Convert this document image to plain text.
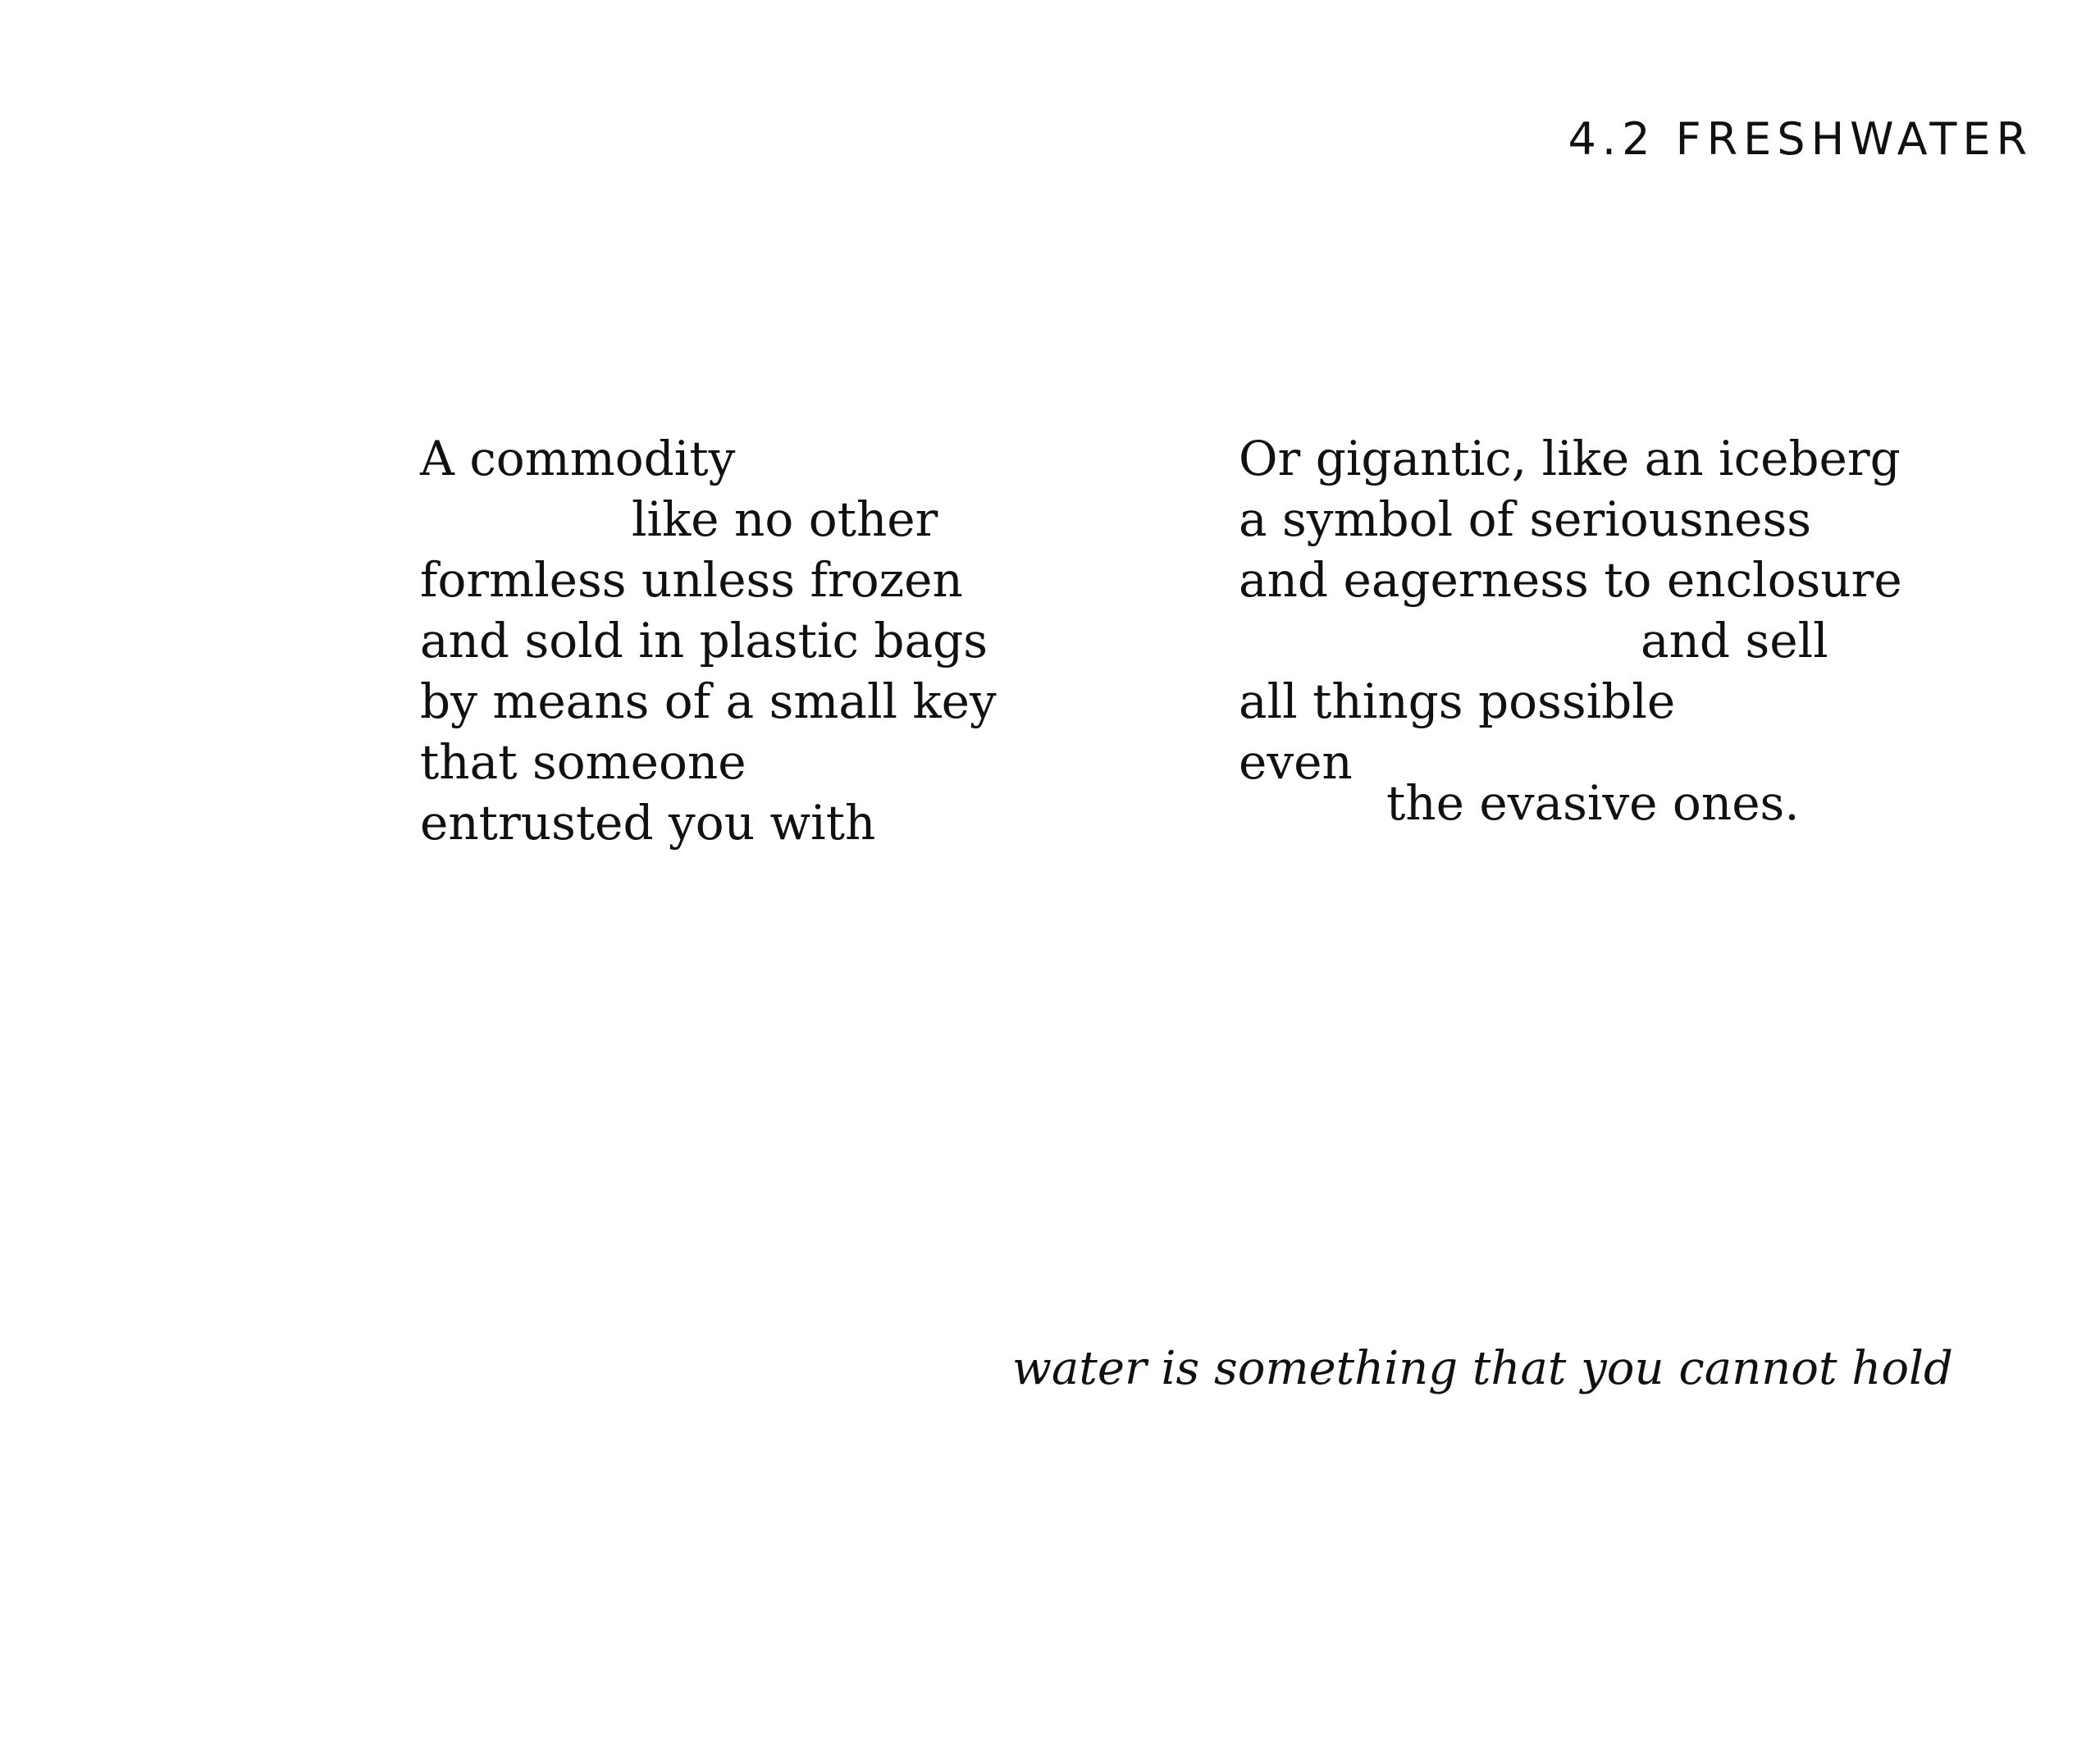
4.2 FRESHWATER

A commodity

like no other

formless unless frozen

and sold in plastic bags

by means of a small key

that someone

entrusted you with

Or gigantic, like an iceberg

a symbol of seriousness

and eagerness to enclosure

and sell

all things possible

even

the evasive ones.

water is something that you cannot hold
